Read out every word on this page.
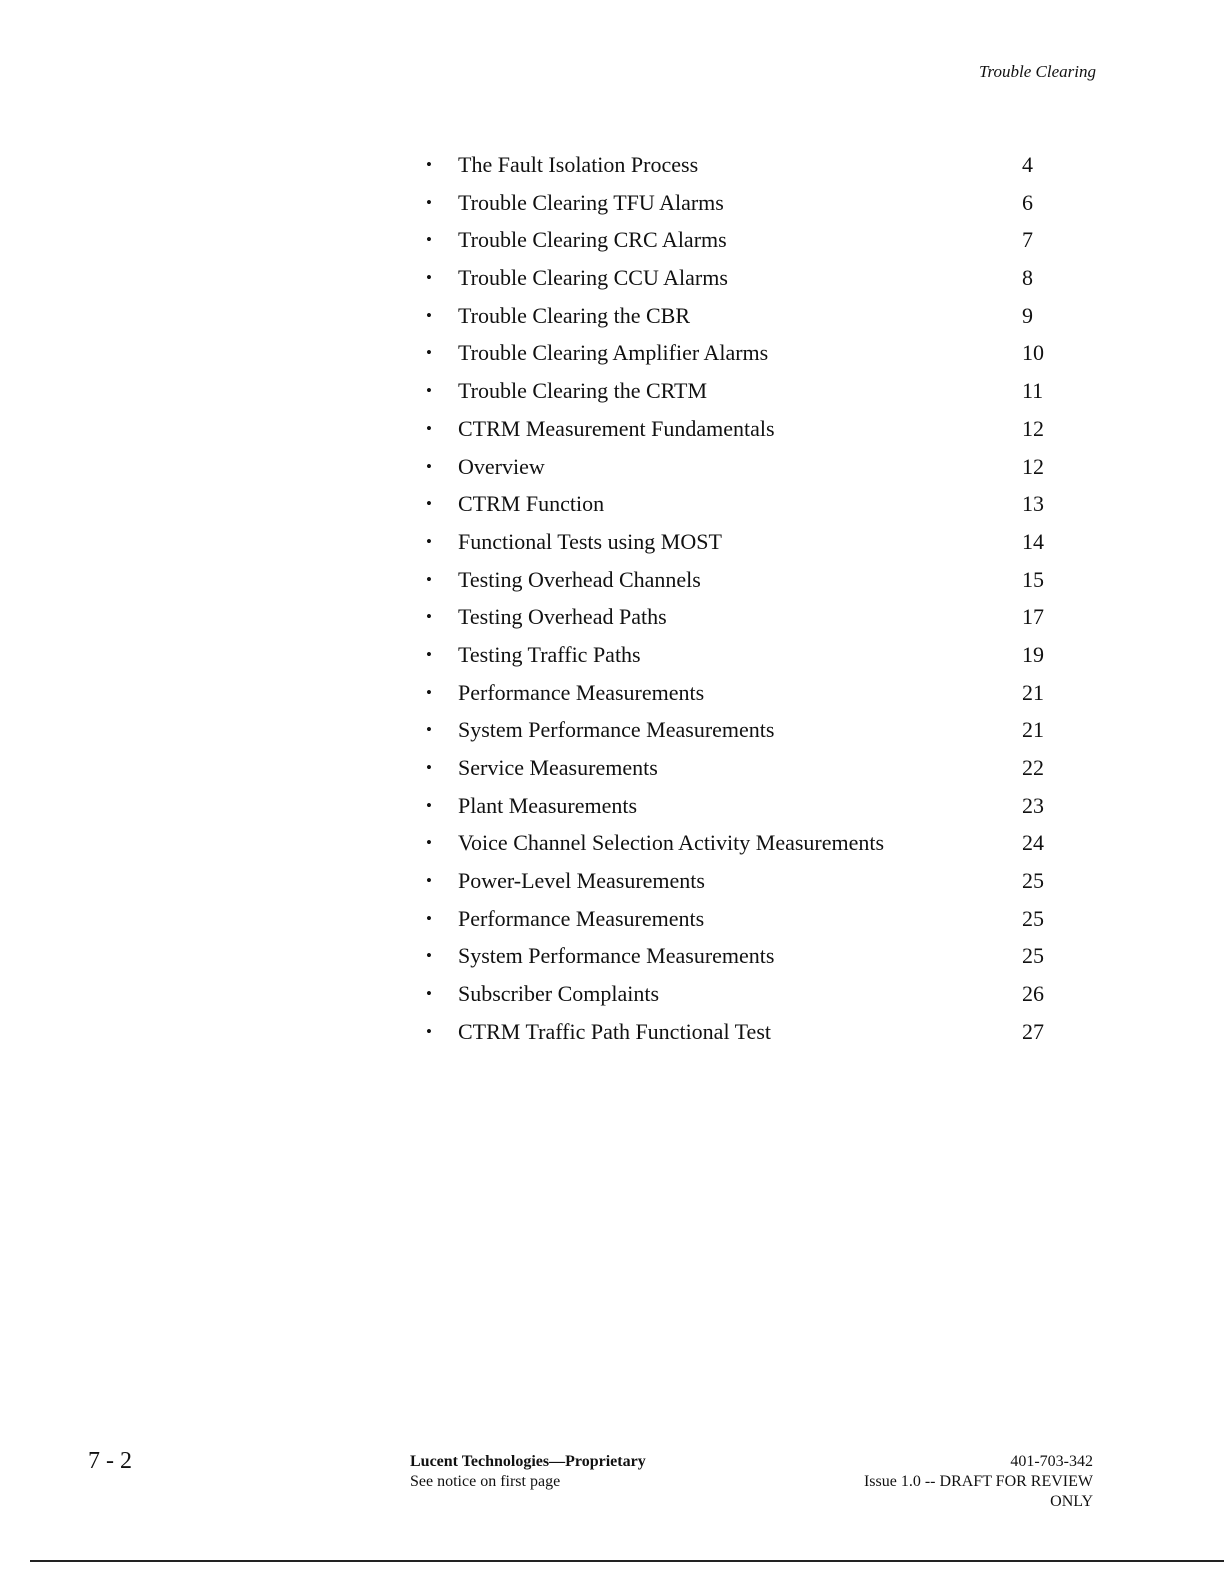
Trouble Clearing
• The Fault Isolation Process	4
• Trouble Clearing TFU Alarms	6
• Trouble Clearing CRC Alarms	7
• Trouble Clearing CCU Alarms	8
• Trouble Clearing the CBR	9
• Trouble Clearing Amplifier Alarms	10
• Trouble Clearing the CRTM	11
• CTRM Measurement Fundamentals	12
• Overview	12
• CTRM Function	13
• Functional Tests using MOST	14
• Testing Overhead Channels	15
• Testing Overhead Paths	17
• Testing Traffic Paths	19
• Performance Measurements	21
• System Performance Measurements	21
• Service Measurements	22
• Plant Measurements	23
• Voice Channel Selection Activity Measurements	24
• Power-Level Measurements	25
• Performance Measurements	25
• System Performance Measurements	25
• Subscriber Complaints	26
• CTRM Traffic Path Functional Test	27
7 - 2	Lucent Technologies—Proprietary
See notice on first page
401-703-342
Issue 1.0 -- DRAFT FOR REVIEW
ONLY
